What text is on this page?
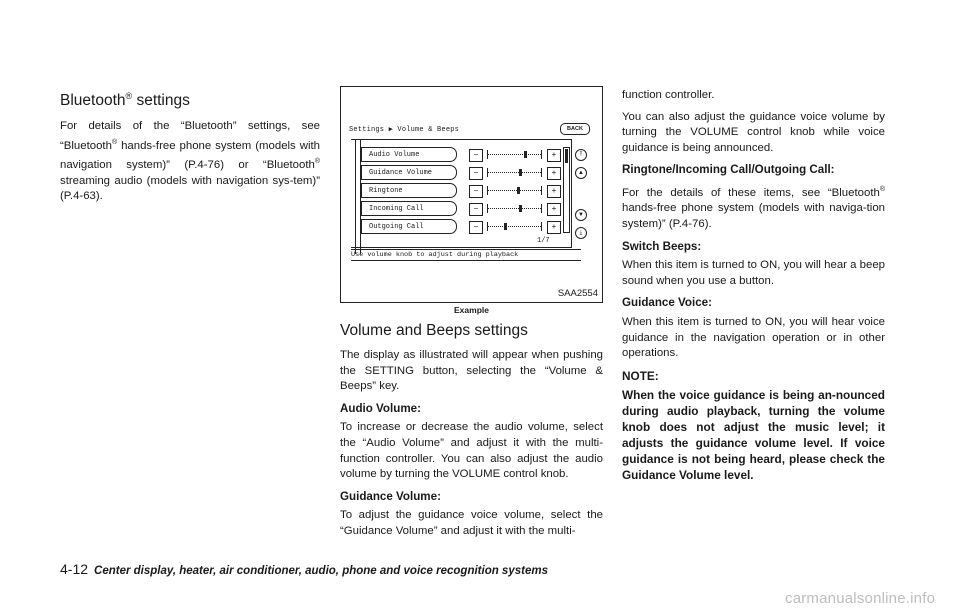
Bluetooth® settings

For details of the “Bluetooth” settings, see “Bluetooth® hands-free phone system (models with navigation system)” (P.4-76) or “Bluetooth® streaming audio (models with navigation sys-tem)” (P.4-63).

Settings ▶ Volume & Beeps	BACK
Audio Volume	−	+
Guidance Volume	−	+
Ringtone	−	+
Incoming Call	−	+
Outgoing Call	−	+
⤒
▲
▼
⤓
1/7
Use volume knob to adjust during playback
SAA2554
Example
Volume and Beeps settings

The display as illustrated will appear when pushing the SETTING button, selecting the “Volume & Beeps” key.

Audio Volume:

To increase or decrease the audio volume, select the “Audio Volume” and adjust it with the multi-function controller. You can also adjust the audio volume by turning the VOLUME control knob.

Guidance Volume:

To adjust the guidance voice volume, select the “Guidance Volume” and adjust it with the multi-

function controller.

You can also adjust the guidance voice volume by turning the VOLUME control knob while voice guidance is being announced.

Ringtone/Incoming Call/Outgoing Call:

For the details of these items, see “Bluetooth® hands-free phone system (models with naviga-tion system)” (P.4-76).

Switch Beeps:

When this item is turned to ON, you will hear a beep sound when you use a button.

Guidance Voice:

When this item is turned to ON, you will hear voice guidance in the navigation operation or in other operations.

NOTE:

When the voice guidance is being an-nounced during audio playback, turning the volume knob does not adjust the music level; it adjusts the guidance volume level. If voice guidance is not being heard, please check the Guidance Volume level.

4-12 Center display, heater, air conditioner, audio, phone and voice recognition systems
carmanualsonline.info
